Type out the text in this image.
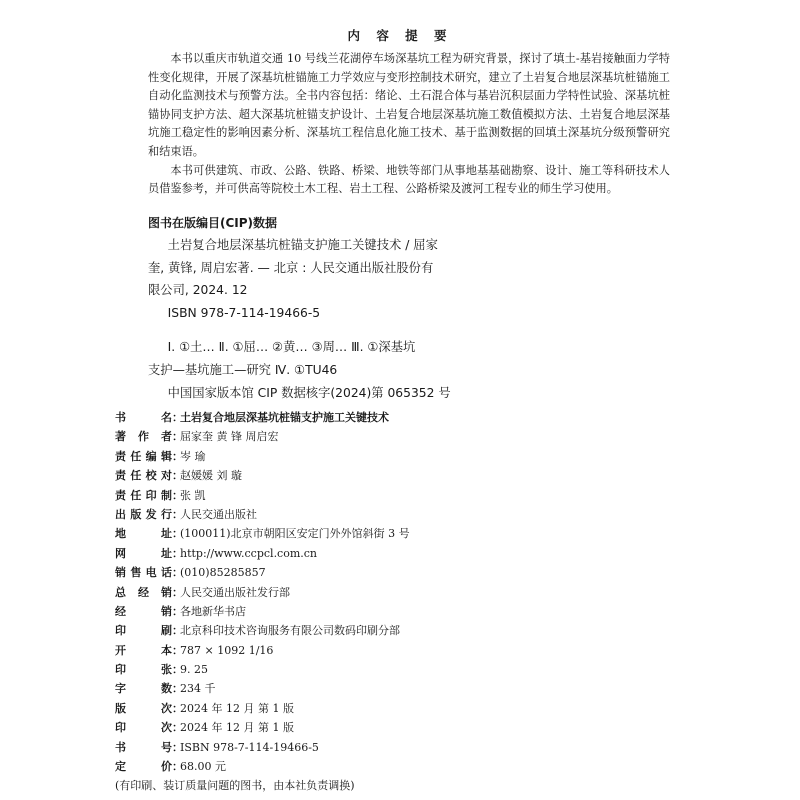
内 容 提 要

本书以重庆市轨道交通 10 号线兰花湖停车场深基坑工程为研究背景，探讨了填土-基岩接触面力学特性变化规律，开展了深基坑桩锚施工力学效应与变形控制技术研究，建立了土岩复合地层深基坑桩锚施工自动化监测技术与预警方法。全书内容包括：绪论、土石混合体与基岩沉积层面力学特性试验、深基坑桩锚协同支护方法、超大深基坑桩锚支护设计、土岩复合地层深基坑施工数值模拟方法、土岩复合地层深基坑施工稳定性的影响因素分析、深基坑工程信息化施工技术、基于监测数据的回填土深基坑分级预警研究和结束语。

本书可供建筑、市政、公路、铁路、桥梁、地铁等部门从事地基基础勘察、设计、施工等科研技术人员借鉴参考，并可供高等院校土木工程、岩土工程、公路桥梁及渡河工程专业的师生学习使用。

图书在版编目(CIP)数据
土岩复合地层深基坑桩锚支护施工关键技术 / 屈家
奎, 黄锋, 周启宏著. — 北京 : 人民交通出版社股份有
限公司, 2024. 12
ISBN 978-7-114-19466-5
Ⅰ. ①土… Ⅱ. ①屈… ②黄… ③周… Ⅲ. ①深基坑
支护—基坑施工—研究 Ⅳ. ①TU46
中国国家版本馆 CIP 数据核字(2024)第 065352 号
书名：土岩复合地层深基坑桩锚支护施工关键技术
著作者：屈家奎 黄 锋 周启宏
责任编辑：岑 瑜
责任校对：赵媛媛 刘 璇
责任印制：张 凯
出版发行：人民交通出版社
地址：(100011)北京市朝阳区安定门外外馆斜街 3 号
网址：http://www.ccpcl.com.cn
销售电话：(010)85285857
总经销：人民交通出版社发行部
经销：各地新华书店
印刷：北京科印技术咨询服务有限公司数码印刷分部
开本：787 × 1092 1/16
印张：9. 25
字数：234 千
版次：2024 年 12 月 第 1 版
印次：2024 年 12 月 第 1 版
书号：ISBN 978-7-114-19466-5
定价：68.00 元
(有印刷、装订质量问题的图书，由本社负责调换)
